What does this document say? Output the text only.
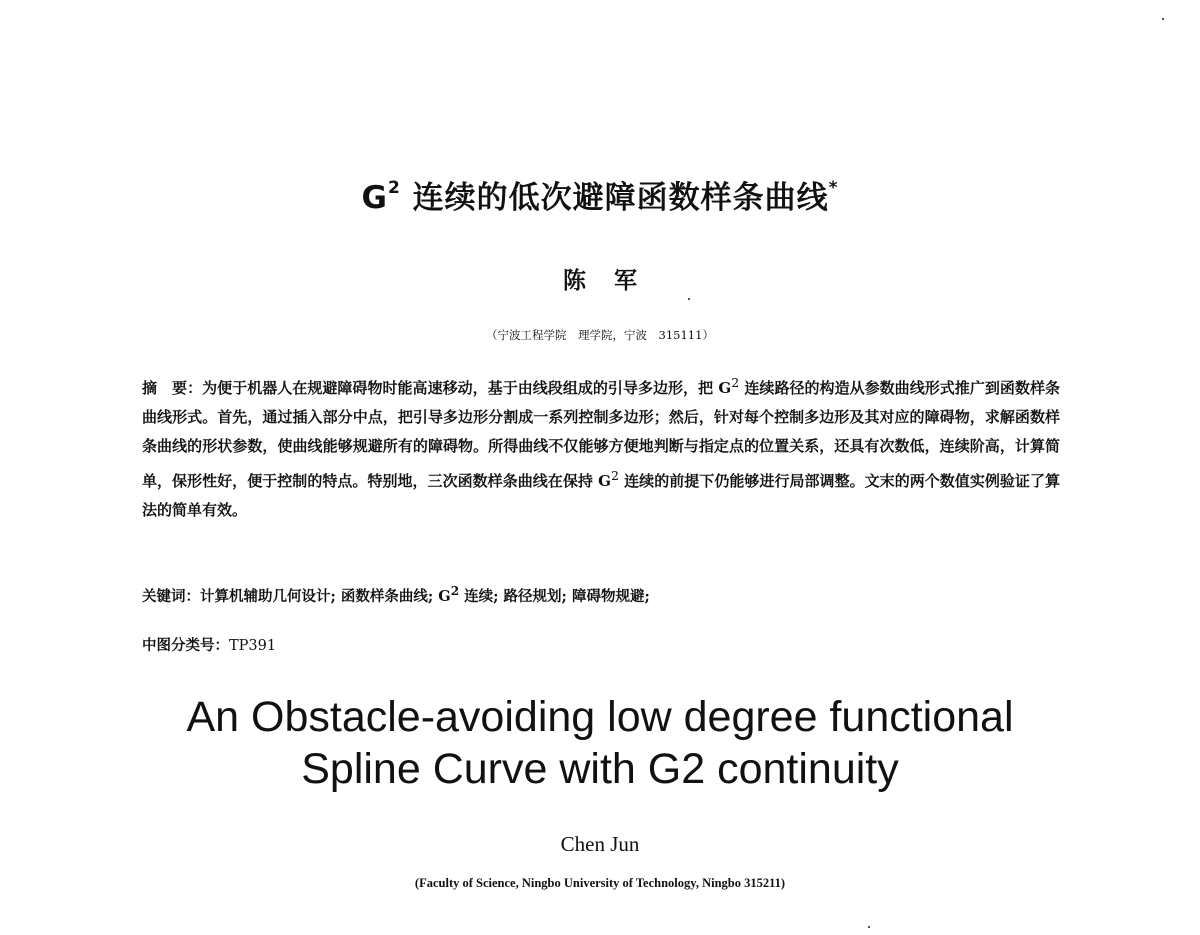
$G^2$ 连续的低次避障函数样条曲线*
陈军
（宁波工程学院　理学院，宁波　315111）
摘　要：为便于机器人在规避障碍物时能高速移动，基于由线段组成的引导多边形，把 $G^2$ 连续路径的构造从参数曲线形式推广到函数样条曲线形式。首先，通过插入部分中点，把引导多边形分割成一系列控制多边形；然后，针对每个控制多边形及其对应的障碍物，求解函数样条曲线的形状参数，使曲线能够规避所有的障碍物。所得曲线不仅能够方便地判断与指定点的位置关系，还具有次数低，连续阶高，计算简单，保形性好，便于控制的特点。特别地，三次函数样条曲线在保持 $G^2$ 连续的前提下仍能够进行局部调整。文末的两个数值实例验证了算法的简单有效。
关键词：计算机辅助几何设计; 函数样条曲线; $G^2$ 连续; 路径规划; 障碍物规避;
中图分类号：TP391
An Obstacle-avoiding low degree functional
Spline Curve with G2 continuity
Chen Jun
(Faculty of Science, Ningbo University of Technology, Ningbo 315211)
